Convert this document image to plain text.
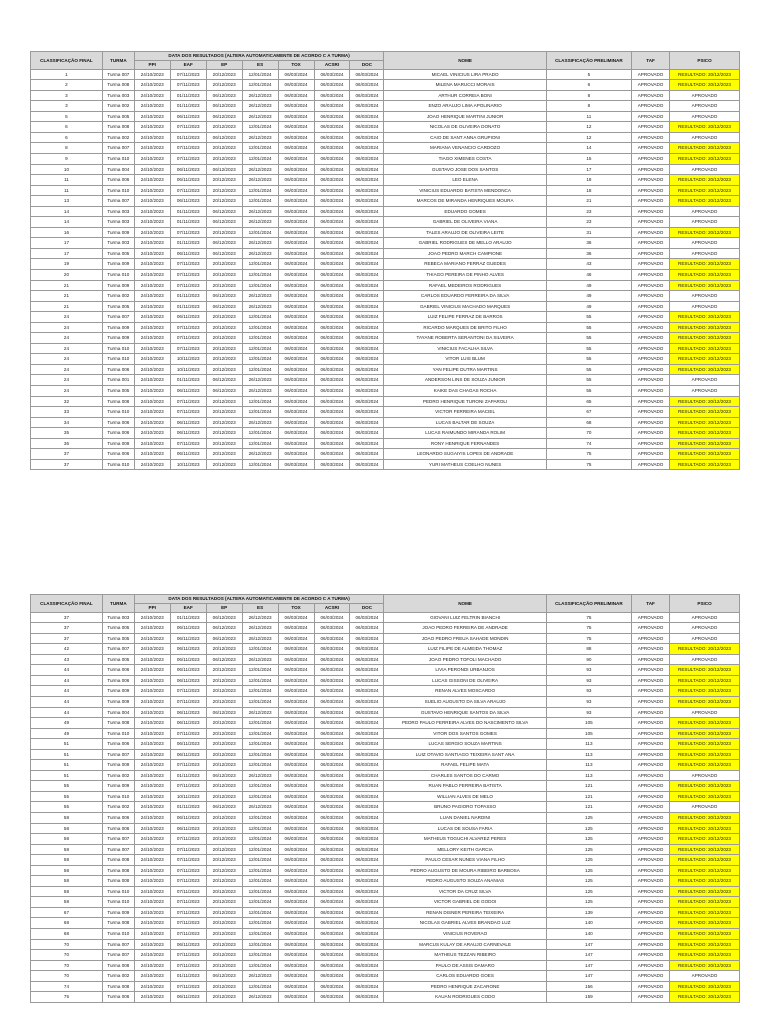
CLASSIFICAÇÃO FINAL	TURMA	DATA DOS RESULTADOS (ALTERA AUTOMATICAMENTE DE ACORDO C A TURMA)							NOME	CLASSIFICAÇÃO PRELIMINAR	TAF	PSICO
		PPI	EAF	EP	ES	TOX	ACSRI	DOC				
1	Turma 007	24/10/2023	07/11/2023	20/12/2023	12/01/2024	06/03/2024	06/03/2024	06/03/2024	MICAEL VINICIUS LIRA PRADO	5	APROVADO	RESULTADO: 20/12/2023
2	Turma 008	24/10/2023	07/11/2023	20/12/2023	12/01/2024	06/03/2024	06/03/2024	06/03/2024	MILENA MARUCCI MORAIS	6	APROVADO	RESULTADO: 20/12/2023
3	Turma 003	24/10/2023	01/11/2023	06/12/2023	26/12/2023	06/03/2024	06/03/2024	06/03/2024	ARTHUR CORREIA BONI	8	APROVADO	APROVADO
3	Turma 002	24/10/2023	01/11/2023	06/12/2023	26/12/2023	06/03/2024	06/03/2024	06/03/2024	ENZO ARAUJO LIMA APOLINARIO	8	APROVADO	APROVADO
5	Turma 005	24/10/2023	06/11/2023	06/12/2023	26/12/2023	06/03/2024	06/03/2024	06/03/2024	JOAO HENRIQUE MARTINI JUNIOR	11	APROVADO	APROVADO
6	Turma 008	24/10/2023	07/11/2023	20/12/2023	12/01/2024	06/03/2024	06/03/2024	06/03/2024	NICOLAS DE OLIVEIRA DONATO	12	APROVADO	RESULTADO: 20/12/2023
6	Turma 002	24/10/2023	01/11/2023	06/12/2023	26/12/2023	06/03/2024	06/03/2024	06/03/2024	CAIO DE SANT ANNA GRUPIONI	12	APROVADO	APROVADO
8	Turma 007	24/10/2023	07/11/2023	20/12/2023	12/01/2024	06/03/2024	06/03/2024	06/03/2024	MARIANA VENANCIO CARDOZO	14	APROVADO	RESULTADO: 20/12/2023
9	Turma 010	24/10/2023	07/11/2023	20/12/2023	12/01/2024	06/03/2024	06/03/2024	06/03/2024	TIAGO XIMENES COSTA	15	APROVADO	RESULTADO: 20/12/2023
10	Turma 004	24/10/2023	06/11/2023	06/12/2023	26/12/2023	06/03/2024	06/03/2024	06/03/2024	GUSTAVO JOSE DOS SANTOS	17	APROVADO	APROVADO
11	Turma 006	24/10/2023	06/11/2023	20/12/2023	26/12/2023	06/03/2024	06/03/2024	06/03/2024	LEO ELENA	18	APROVADO	RESULTADO: 20/12/2023
11	Turma 010	24/10/2023	07/11/2023	20/12/2023	12/01/2024	06/03/2024	06/03/2024	06/03/2024	VINICIUS EDUARDO BATISTA MENDONCA	18	APROVADO	RESULTADO: 20/12/2023
13	Turma 007	24/10/2023	06/11/2023	20/12/2023	12/01/2024	06/03/2024	06/03/2024	06/03/2024	MARCOS DE MIRANDA HENRIQUES MOURA	21	APROVADO	RESULTADO: 20/12/2023
14	Turma 003	24/10/2023	01/11/2023	06/12/2023	26/12/2023	06/03/2024	06/03/2024	06/03/2024	EDUARDO GOMES	23	APROVADO	APROVADO
14	Turma 003	24/10/2023	01/11/2023	06/12/2023	26/12/2023	06/03/2024	06/03/2024	06/03/2024	GABRIEL DE OLIVEIRA VIANA	23	APROVADO	APROVADO
16	Turma 009	24/10/2023	07/11/2023	20/12/2023	12/01/2024	06/03/2024	06/03/2024	06/03/2024	TALES ARAUJO DE OLIVEIRA LEITE	31	APROVADO	RESULTADO: 20/12/2023
17	Turma 003	24/10/2023	01/11/2023	06/12/2023	26/12/2023	06/03/2024	06/03/2024	06/03/2024	GABRIEL RODRIGUES DE MELLO ARAUJO	36	APROVADO	APROVADO
17	Turma 005	24/10/2023	06/11/2023	06/12/2023	26/12/2023	06/03/2024	06/03/2024	06/03/2024	JOAO PEDRO MARCH CAMPIONE	36	APROVADO	APROVADO
19	Turma 009	24/10/2023	07/11/2023	20/12/2023	12/01/2024	06/03/2024	06/03/2024	06/03/2024	REBECA MARIANO FERRAZ GUEDES	43	APROVADO	RESULTADO: 20/12/2023
20	Turma 010	24/10/2023	07/11/2023	20/12/2023	12/01/2024	06/03/2024	06/03/2024	06/03/2024	THIAGO PEREIRA DE PINHO ALVES	46	APROVADO	RESULTADO: 20/12/2023
21	Turma 009	24/10/2023	07/11/2023	20/12/2023	12/01/2024	06/03/2024	06/03/2024	06/03/2024	RAFAEL MEDEIROS RODRIGUES	49	APROVADO	RESULTADO: 20/12/2023
21	Turma 002	24/10/2023	01/11/2023	06/12/2023	26/12/2023	06/03/2024	06/03/2024	06/03/2024	CARLOS EDUARDO FERREIRA DA SILVA	49	APROVADO	APROVADO
21	Turma 005	24/10/2023	01/11/2023	06/12/2023	26/12/2023	06/03/2024	06/03/2024	06/03/2024	GABRIEL VINICIUS MACHADO MARQUES	49	APROVADO	APROVADO
24	Turma 007	24/10/2023	06/11/2023	20/12/2023	12/01/2024	06/03/2024	06/03/2024	06/03/2024	LUIZ FELIPE FERRAZ DE BARROS	55	APROVADO	RESULTADO: 20/12/2023
24	Turma 009	24/10/2023	07/11/2023	20/12/2023	12/01/2024	06/03/2024	06/03/2024	06/03/2024	RICARDO MARQUES DE BRITO FILHO	55	APROVADO	RESULTADO: 20/12/2023
24	Turma 009	24/10/2023	07/11/2023	20/12/2023	12/01/2024	06/03/2024	06/03/2024	06/03/2024	TAYANE ROBERTA SERANTONI DA SILVEIRA	55	APROVADO	RESULTADO: 20/12/2023
24	Turma 010	24/10/2023	07/11/2023	20/12/2023	12/01/2024	06/03/2024	06/03/2024	06/03/2024	VINICIUS FACALHA SILVA	55	APROVADO	RESULTADO: 20/12/2023
24	Turma 010	24/10/2023	10/11/2023	20/12/2023	12/01/2024	06/03/2024	06/03/2024	06/03/2024	VITOR LUIS BLUM	55	APROVADO	RESULTADO: 20/12/2023
24	Turma 006	24/10/2023	10/11/2023	20/12/2023	12/01/2024	06/03/2024	06/03/2024	06/03/2024	YAN FELIPE DUTRA MARTINS	55	APROVADO	RESULTADO: 20/12/2023
24	Turma 001	24/10/2023	01/11/2023	06/12/2023	26/12/2023	06/03/2024	06/03/2024	06/03/2024	ANDERSON LINS DE SOUZA JUNIOR	55	APROVADO	APROVADO
24	Turma 005	24/10/2023	06/11/2023	06/12/2023	26/12/2023	06/03/2024	06/03/2024	06/03/2024	KAIKE DAS CHAGAS ROCHA	55	APROVADO	APROVADO
32	Turma 008	24/10/2023	07/11/2023	20/12/2023	12/01/2024	06/03/2024	06/03/2024	06/03/2024	PEDRO HENRIQUE TURONI ZAPAROLI	65	APROVADO	RESULTADO: 20/12/2023
33	Turma 010	24/10/2023	07/11/2023	20/12/2023	12/01/2024	06/03/2024	06/03/2024	06/03/2024	VICTOR FERREIRA MACIEL	67	APROVADO	RESULTADO: 20/12/2023
34	Turma 006	24/10/2023	06/11/2023	20/12/2023	26/12/2023	06/03/2024	06/03/2024	06/03/2024	LUCAS BALTAR DE SOUZA	68	APROVADO	RESULTADO: 20/12/2023
35	Turma 006	24/10/2023	06/11/2023	20/12/2023	12/01/2024	06/03/2024	06/03/2024	06/03/2024	LUCAS RAIMUNDO MIRANDA ROLIM	70	APROVADO	RESULTADO: 20/12/2023
36	Turma 009	24/10/2023	07/11/2023	20/12/2023	12/01/2024	06/03/2024	06/03/2024	06/03/2024	RONY HENRIQUE FERNANDES	74	APROVADO	RESULTADO: 20/12/2023
37	Turma 006	24/10/2023	06/11/2023	20/12/2023	26/12/2023	06/03/2024	06/03/2024	06/03/2024	LEONARDO SUGAIYIS LOPES DE ANDRADE	75	APROVADO	RESULTADO: 20/12/2023
37	Turma 010	24/10/2023	10/11/2023	20/12/2023	12/01/2024	06/03/2024	06/03/2024	06/03/2024	YURI MATHEUS COELHO NUNES	75	APROVADO	RESULTADO: 20/12/2023
CLASSIFICAÇÃO FINAL	TURMA	DATA DOS RESULTADOS (ALTERA AUTOMATICAMENTE DE ACORDO C A TURMA)							NOME	CLASSIFICAÇÃO PRELIMINAR	TAF	PSICO
		PPI	EAF	EP	ES	TOX	ACSRI	DOC				
37	Turma 003	24/10/2023	01/11/2023	06/12/2023	26/12/2023	06/03/2024	06/03/2024	06/03/2024	GIOVANI LUIZ FELTRIN BIANCHI	75	APROVADO	APROVADO
37	Turma 005	24/10/2023	06/11/2023	06/12/2023	26/12/2023	06/03/2024	06/03/2024	06/03/2024	JOAO PEDRO FERREIRA DE ANDRADE	75	APROVADO	APROVADO
37	Turma 005	24/10/2023	06/11/2023	06/12/2023	26/12/2023	06/03/2024	06/03/2024	06/03/2024	JOAO PEDRO FREUA SAHADE MONDIN	75	APROVADO	APROVADO
42	Turma 007	24/10/2023	06/11/2023	20/12/2023	12/01/2024	06/03/2024	06/03/2024	06/03/2024	LUIZ FILIPE DE ALMEIDA THOMAZ	88	APROVADO	RESULTADO: 20/12/2023
43	Turma 005	24/10/2023	06/11/2023	06/12/2023	26/12/2023	06/03/2024	06/03/2024	06/03/2024	JOAO PEDRO TOFOLI MACHADO	90	APROVADO	APROVADO
44	Turma 006	24/10/2023	06/11/2023	20/12/2023	12/01/2024	06/03/2024	06/03/2024	06/03/2024	LIVIA PERONDI URBANJOS	93	APROVADO	RESULTADO: 20/12/2023
44	Turma 006	24/10/2023	06/11/2023	20/12/2023	12/01/2024	06/03/2024	06/03/2024	06/03/2024	LUCAS GISSONI DE OLIVEIRA	93	APROVADO	RESULTADO: 20/12/2023
44	Turma 009	24/10/2023	07/11/2023	20/12/2023	12/01/2024	06/03/2024	06/03/2024	06/03/2024	RENAN ALVES MOSCARDO	93	APROVADO	RESULTADO: 20/12/2023
44	Turma 009	24/10/2023	07/11/2023	20/12/2023	12/01/2024	06/03/2024	06/03/2024	06/03/2024	SUELIO AUGUSTO DA SILVA ARAUJO	93	APROVADO	RESULTADO: 20/12/2023
44	Turma 004	24/10/2023	06/11/2023	06/12/2023	26/12/2023	06/03/2024	06/03/2024	06/03/2024	GUSTAVO HENRIQUE SANTOS DA SILVA	93	APROVADO	APROVADO
49	Turma 008	24/10/2023	06/11/2023	20/12/2023	12/01/2024	06/03/2024	06/03/2024	06/03/2024	PEDRO PAULO FERREIRA ALVES DO NASCIMENTO SILVA	105	APROVADO	RESULTADO: 20/12/2023
49	Turma 010	24/10/2023	07/11/2023	20/12/2023	12/01/2024	06/03/2024	06/03/2024	06/03/2024	VITOR DOS SANTOS GOMES	105	APROVADO	RESULTADO: 20/12/2023
51	Turma 006	24/10/2023	06/11/2023	20/12/2023	12/01/2024	06/03/2024	06/03/2024	06/03/2024	LUCAS SERGIO SOUZA MARTINS	113	APROVADO	RESULTADO: 20/12/2023
51	Turma 007	24/10/2023	06/11/2023	20/12/2023	12/01/2024	06/03/2024	06/03/2024	06/03/2024	LUIZ OTAVIO SANTIAGO TEIXEIRA SANT ANA	113	APROVADO	RESULTADO: 20/12/2023
51	Turma 009	24/10/2023	07/11/2023	20/12/2023	12/01/2024	06/03/2024	06/03/2024	06/03/2024	RAFAEL FELIPE MATA	113	APROVADO	RESULTADO: 20/12/2023
51	Turma 002	24/10/2023	01/11/2023	06/12/2023	26/12/2023	06/03/2024	06/03/2024	06/03/2024	CHARLES SANTOS DO CARMO	113	APROVADO	APROVADO
55	Turma 009	24/10/2023	07/11/2023	20/12/2023	12/01/2024	06/03/2024	06/03/2024	06/03/2024	RUAN PABLO FERREIRA BATISTA	121	APROVADO	RESULTADO: 20/12/2023
55	Turma 010	24/10/2023	10/11/2023	20/12/2023	12/01/2024	06/03/2024	06/03/2024	06/03/2024	WILLIAN ALVES DE MELO	121	APROVADO	RESULTADO: 20/12/2023
55	Turma 002	24/10/2023	01/11/2023	06/12/2023	26/12/2023	06/03/2024	06/03/2024	06/03/2024	BRUNO PAGIORO TOPASSO	121	APROVADO	APROVADO
58	Turma 006	24/10/2023	06/11/2023	20/12/2023	12/01/2024	06/03/2024	06/03/2024	06/03/2024	LUAN DANIEL NARDINI	125	APROVADO	RESULTADO: 20/12/2023
58	Turma 006	24/10/2023	06/11/2023	20/12/2023	12/01/2024	06/03/2024	06/03/2024	06/03/2024	LUCAS DE SOUSA FARIA	125	APROVADO	RESULTADO: 20/12/2023
58	Turma 007	24/10/2023	07/11/2023	20/12/2023	12/01/2024	06/03/2024	06/03/2024	06/03/2024	MATHEUS TOGUCHI ALVAREZ PERES	125	APROVADO	RESULTADO: 20/12/2023
58	Turma 007	24/10/2023	07/11/2023	20/12/2023	12/01/2024	06/03/2024	06/03/2024	06/03/2024	MELLORY KEITH GARCIA	125	APROVADO	RESULTADO: 20/12/2023
58	Turma 008	24/10/2023	07/11/2023	20/12/2023	12/01/2024	06/03/2024	06/03/2024	06/03/2024	PAULO CESAR NUNES VIANA FILHO	125	APROVADO	RESULTADO: 20/12/2023
58	Turma 008	24/10/2023	07/11/2023	20/12/2023	12/01/2024	06/03/2024	06/03/2024	06/03/2024	PEDRO AUGUSTO DE MOURA RIBEIRO BARBOSA	125	APROVADO	RESULTADO: 20/12/2023
58	Turma 008	24/10/2023	07/11/2023	20/12/2023	12/01/2024	06/03/2024	06/03/2024	06/03/2024	PEDRO AUGUSTO SOUZA ANANIAS	125	APROVADO	RESULTADO: 20/12/2023
58	Turma 010	24/10/2023	07/11/2023	20/12/2023	12/01/2024	06/03/2024	06/03/2024	06/03/2024	VICTOR DA CRUZ SILVA	125	APROVADO	RESULTADO: 20/12/2023
58	Turma 010	24/10/2023	07/11/2023	20/12/2023	12/01/2024	06/03/2024	06/03/2024	06/03/2024	VICTOR GABRIEL DE GODOI	125	APROVADO	RESULTADO: 20/12/2023
67	Turma 009	24/10/2023	07/11/2023	20/12/2023	12/01/2024	06/03/2024	06/03/2024	06/03/2024	RENAN DISNER PEREIRA TEIXEIRA	139	APROVADO	RESULTADO: 20/12/2023
68	Turma 008	24/10/2023	07/11/2023	20/12/2023	12/01/2024	06/03/2024	06/03/2024	06/03/2024	NICOLAS GABRIEL ALVES BRANDAO LUZ	140	APROVADO	RESULTADO: 20/12/2023
68	Turma 010	24/10/2023	07/11/2023	20/12/2023	12/01/2024	06/03/2024	06/03/2024	06/03/2024	VINICIUS ROVERAO	140	APROVADO	RESULTADO: 20/12/2023
70	Turma 007	24/10/2023	06/11/2023	20/12/2023	12/01/2024	06/03/2024	06/03/2024	06/03/2024	MARCUS KULAY DE ARAUJO CARNEVALE	147	APROVADO	RESULTADO: 20/12/2023
70	Turma 007	24/10/2023	07/11/2023	20/12/2023	12/01/2024	06/03/2024	06/03/2024	06/03/2024	MATHEUS TEZZAN RIBEIRO	147	APROVADO	RESULTADO: 20/12/2023
70	Turma 008	24/10/2023	07/11/2023	20/12/2023	12/01/2024	06/03/2024	06/03/2024	06/03/2024	PAULO DE ASSIS DAMARO	147	APROVADO	RESULTADO: 20/12/2023
70	Turma 002	24/10/2023	01/11/2023	06/12/2023	26/12/2023	06/03/2024	06/03/2024	06/03/2024	CARLOS EDUARDO GOES	147	APROVADO	APROVADO
74	Turma 008	24/10/2023	07/11/2023	20/12/2023	12/01/2024	06/03/2024	06/03/2024	06/03/2024	PEDRO HENRIQUE ZACARONE	156	APROVADO	RESULTADO: 20/12/2023
75	Turma 006	24/10/2023	06/11/2023	20/12/2023	26/12/2023	06/03/2024	06/03/2024	06/03/2024	KAUAN RODRIGUES CODO	159	APROVADO	RESULTADO: 20/12/2023
